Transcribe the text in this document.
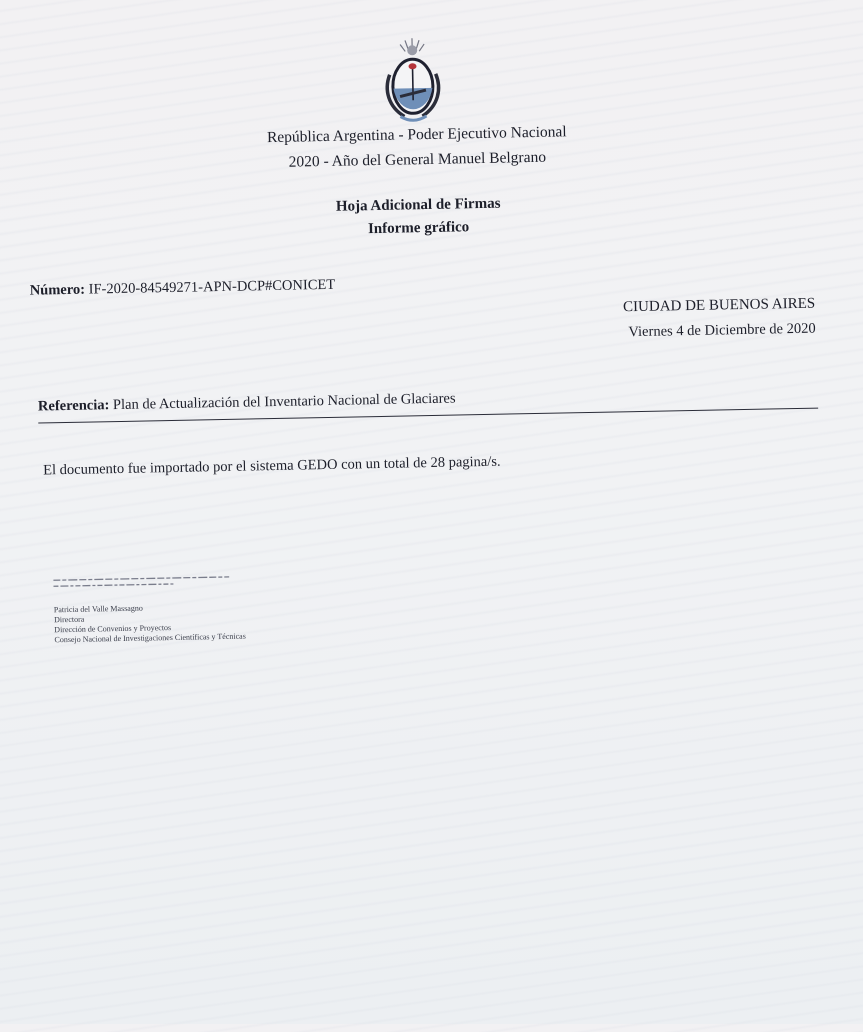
República Argentina - Poder Ejecutivo Nacional
2020 - Año del General Manuel Belgrano
Hoja Adicional de Firmas
Informe gráfico
Número: IF-2020-84549271-APN-DCP#CONICET
CIUDAD DE BUENOS AIRES
Viernes 4 de Diciembre de 2020
Referencia: Plan de Actualización del Inventario Nacional de Glaciares
El documento fue importado por el sistema GEDO con un total de 28 pagina/s.
Patricia del Valle Massagno
Directora
Dirección de Convenios y Proyectos
Consejo Nacional de Investigaciones Científicas y Técnicas
